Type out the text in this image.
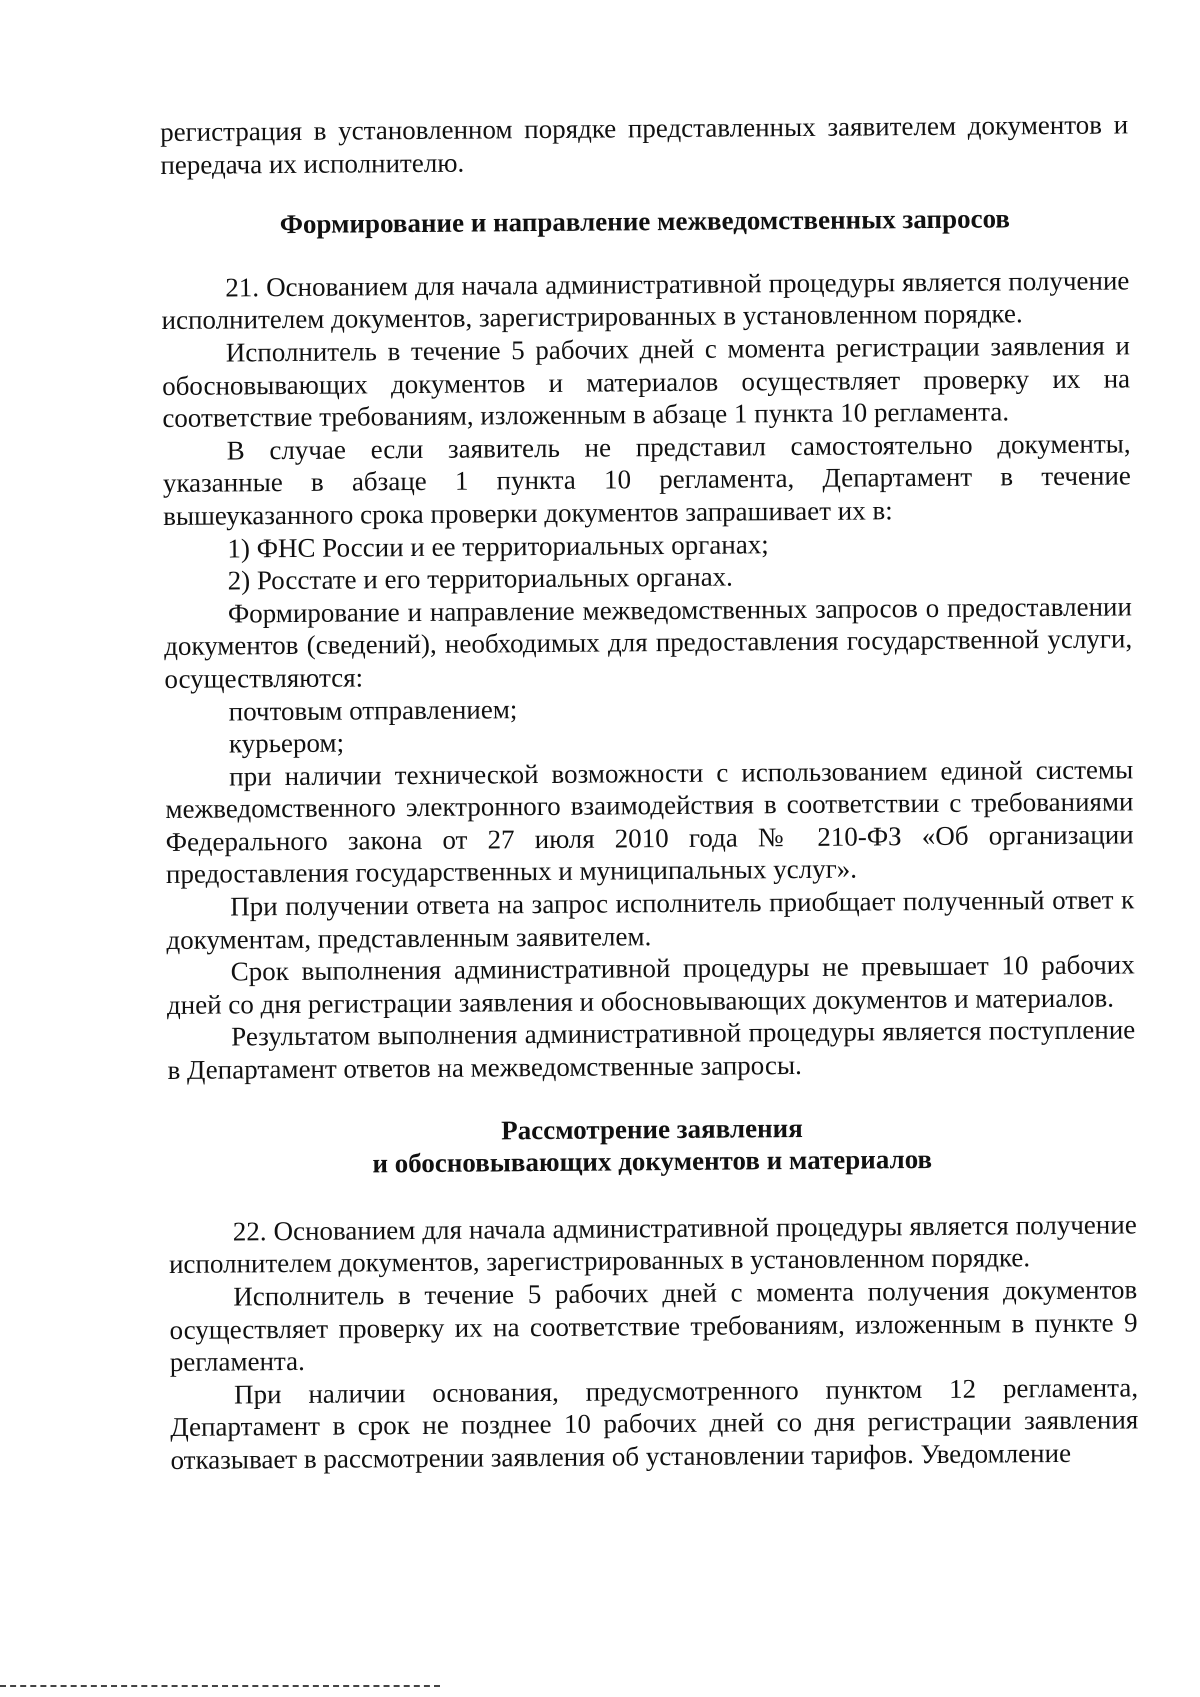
регистрация в установленном порядке представленных заявителем документов и передача их исполнителю.

Формирование и направление межведомственных запросов

21. Основанием для начала административной процедуры является получение исполнителем документов, зарегистрированных в установленном порядке.

Исполнитель в течение 5 рабочих дней с момента регистрации заявления и обосновывающих документов и материалов осуществляет проверку их на соответствие требованиям, изложенным в абзаце 1 пункта 10 регламента.

В случае если заявитель не представил самостоятельно документы, указанные в абзаце 1 пункта 10 регламента, Департамент в течение вышеуказанного срока проверки документов запрашивает их в:

1) ФНС России и ее территориальных органах;

2) Росстате и его территориальных органах.

Формирование и направление межведомственных запросов о предоставлении документов (сведений), необходимых для предоставления государственной услуги, осуществляются:

почтовым отправлением;

курьером;

при наличии технической возможности с использованием единой системы межведомственного электронного взаимодействия в соответствии с требованиями Федерального закона от 27 июля 2010 года № 210-ФЗ «Об организации предоставления государственных и муниципальных услуг».

При получении ответа на запрос исполнитель приобщает полученный ответ к документам, представленным заявителем.

Срок выполнения административной процедуры не превышает 10 рабочих дней со дня регистрации заявления и обосновывающих документов и материалов.

Результатом выполнения административной процедуры является поступление в Департамент ответов на межведомственные запросы.

Рассмотрение заявления
и обосновывающих документов и материалов

22. Основанием для начала административной процедуры является получение исполнителем документов, зарегистрированных в установленном порядке.

Исполнитель в течение 5 рабочих дней с момента получения документов осуществляет проверку их на соответствие требованиям, изложенным в пункте 9 регламента.

При наличии основания, предусмотренного пунктом 12 регламента, Департамент в срок не позднее 10 рабочих дней со дня регистрации заявления отказывает в рассмотрении заявления об установлении тарифов. Уведомление
